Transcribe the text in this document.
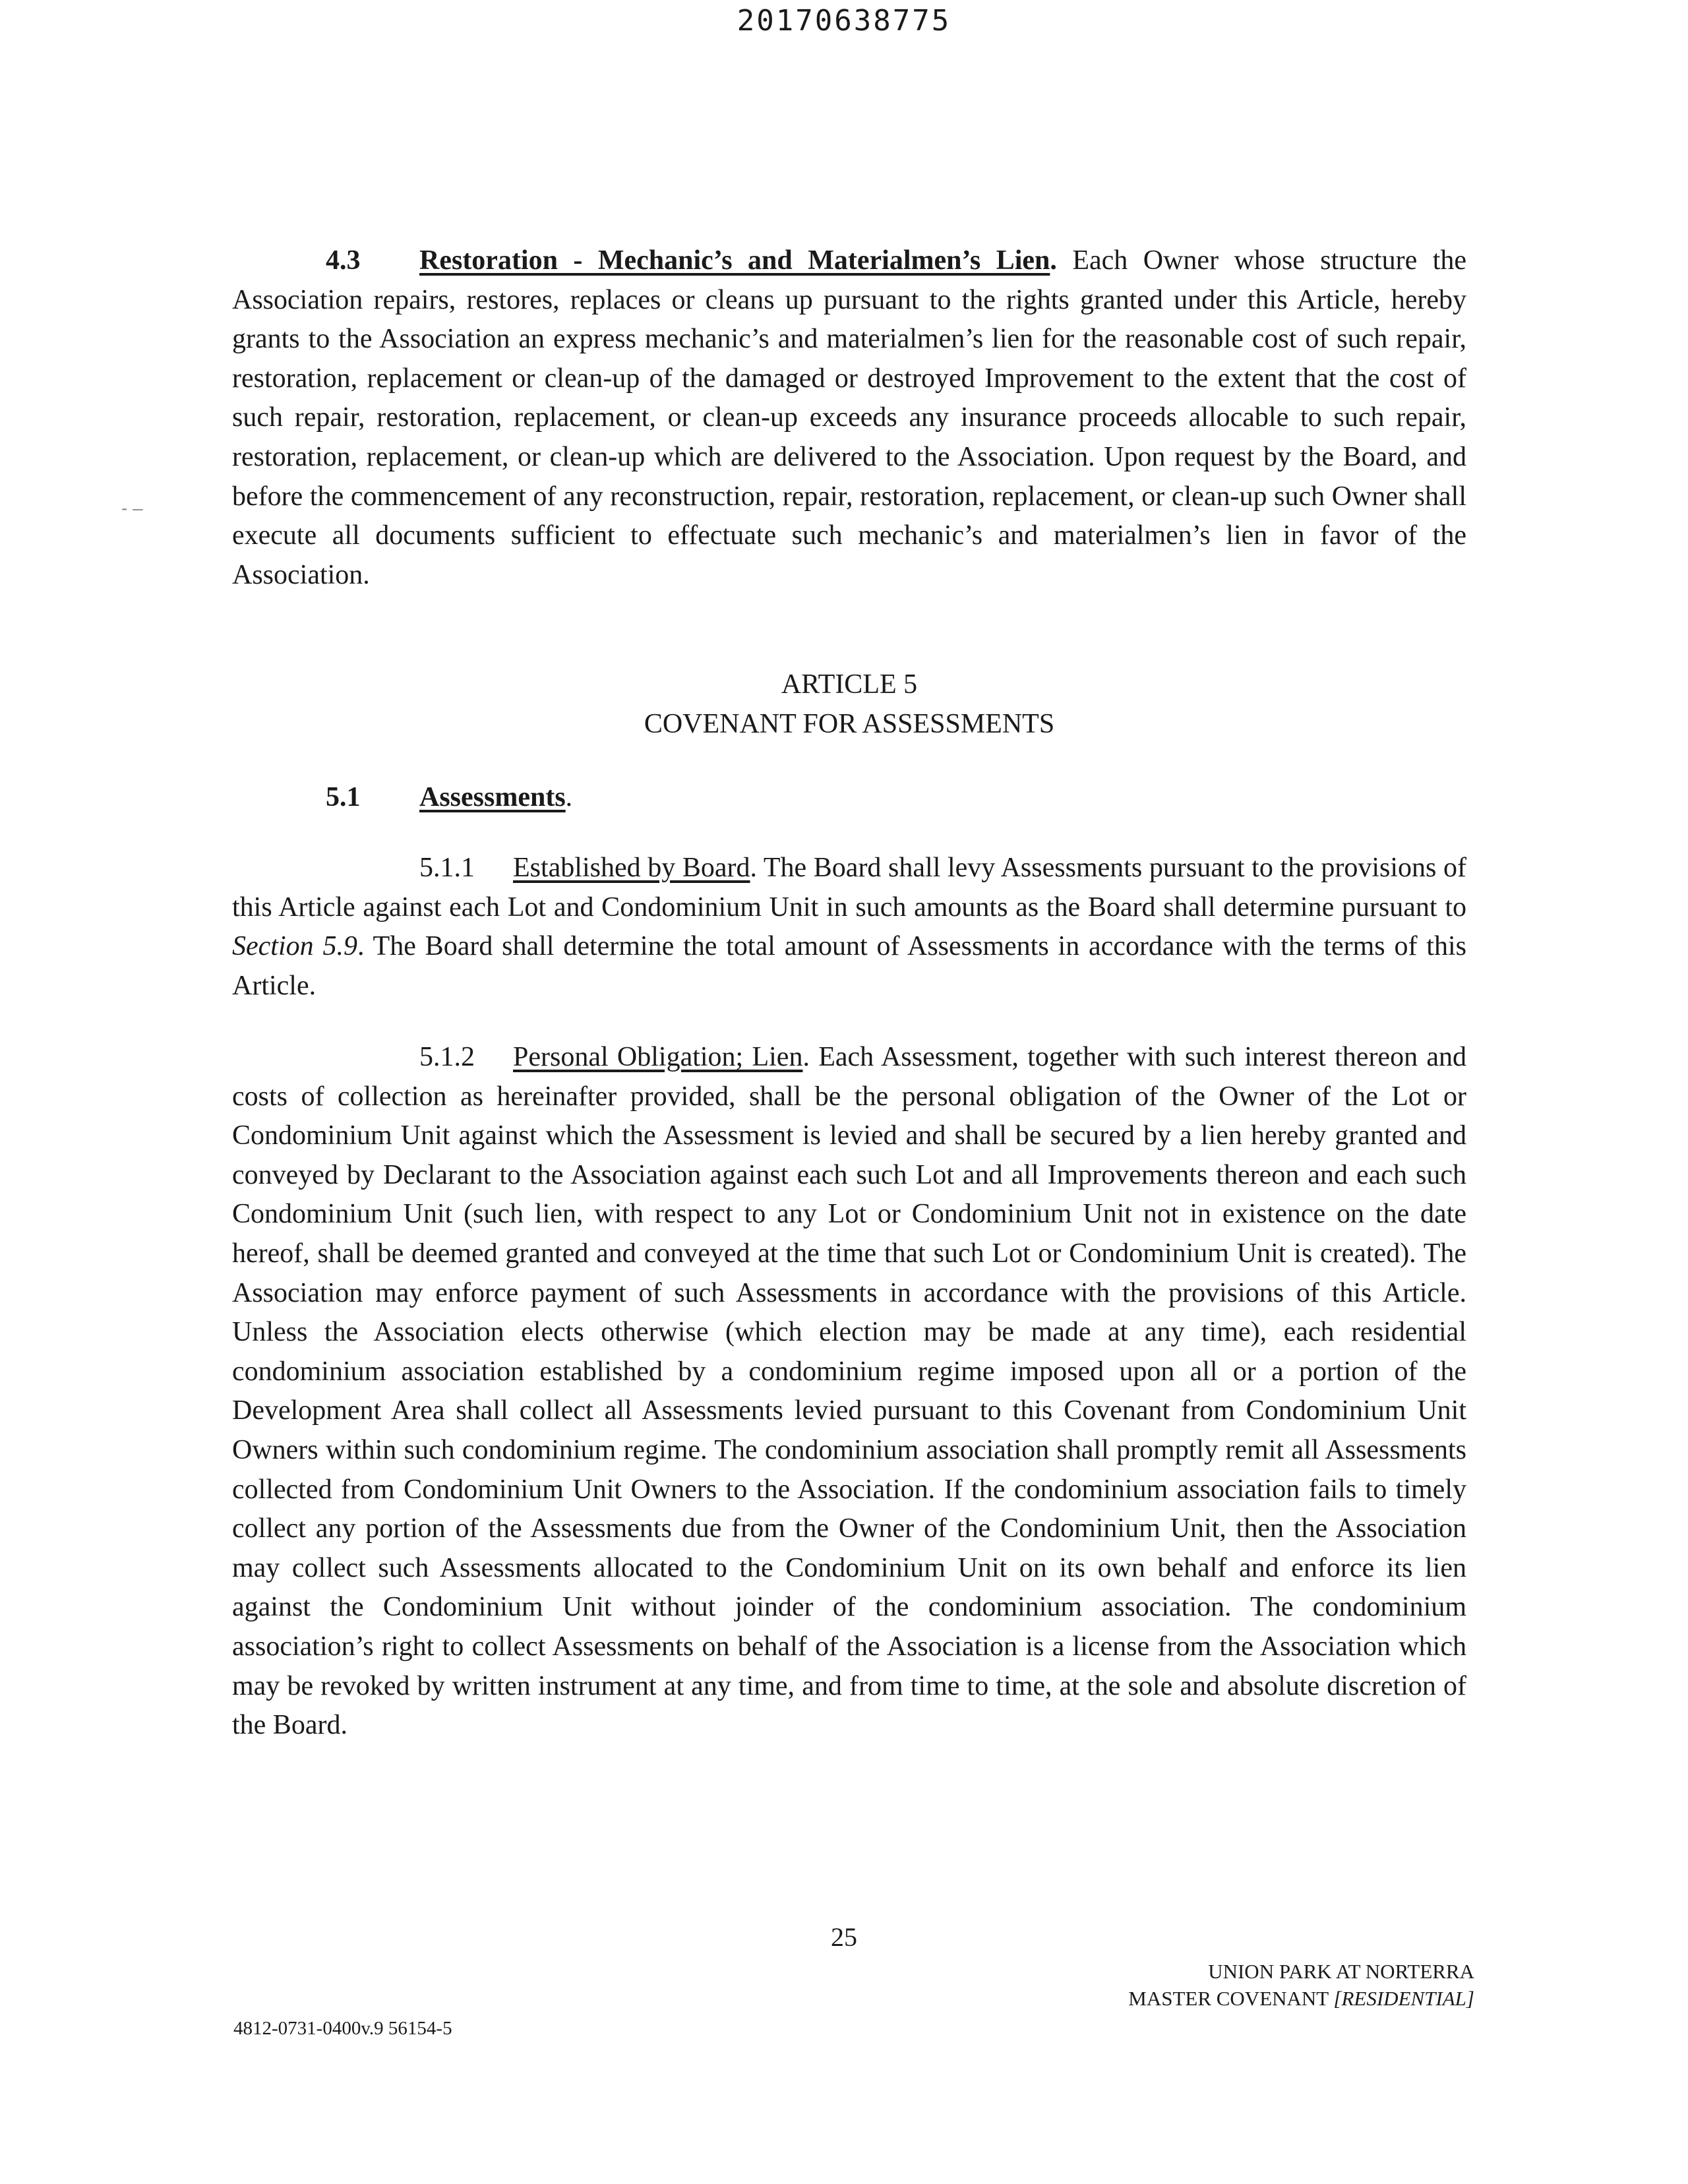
20170638775
- –

4.3 Restoration - Mechanic’s and Materialmen’s Lien. Each Owner whose structure the Association repairs, restores, replaces or cleans up pursuant to the rights granted under this Article, hereby grants to the Association an express mechanic’s and materialmen’s lien for the reasonable cost of such repair, restoration, replacement or clean-up of the damaged or destroyed Improvement to the extent that the cost of such repair, restoration, replacement, or clean-up exceeds any insurance proceeds allocable to such repair, restoration, replacement, or clean-up which are delivered to the Association. Upon request by the Board, and before the commencement of any reconstruction, repair, restoration, replacement, or clean-up such Owner shall execute all documents sufficient to effectuate such mechanic’s and materialmen’s lien in favor of the Association.

ARTICLE 5
COVENANT FOR ASSESSMENTS

5.1 Assessments.

5.1.1 Established by Board. The Board shall levy Assessments pursuant to the provisions of this Article against each Lot and Condominium Unit in such amounts as the Board shall determine pursuant to Section 5.9. The Board shall determine the total amount of Assessments in accordance with the terms of this Article.

5.1.2 Personal Obligation; Lien. Each Assessment, together with such interest thereon and costs of collection as hereinafter provided, shall be the personal obligation of the Owner of the Lot or Condominium Unit against which the Assessment is levied and shall be secured by a lien hereby granted and conveyed by Declarant to the Association against each such Lot and all Improvements thereon and each such Condominium Unit (such lien, with respect to any Lot or Condominium Unit not in existence on the date hereof, shall be deemed granted and conveyed at the time that such Lot or Condominium Unit is created). The Association may enforce payment of such Assessments in accordance with the provisions of this Article. Unless the Association elects otherwise (which election may be made at any time), each residential condominium association established by a condominium regime imposed upon all or a portion of the Development Area shall collect all Assessments levied pursuant to this Covenant from Condominium Unit Owners within such condominium regime. The condominium association shall promptly remit all Assessments collected from Condominium Unit Owners to the Association. If the condominium association fails to timely collect any portion of the Assessments due from the Owner of the Condominium Unit, then the Association may collect such Assessments allocated to the Condominium Unit on its own behalf and enforce its lien against the Condominium Unit without joinder of the condominium association. The condominium association’s right to collect Assessments on behalf of the Association is a license from the Association which may be revoked by written instrument at any time, and from time to time, at the sole and absolute discretion of the Board.

25
UNION PARK AT NORTERRA
MASTER COVENANT [RESIDENTIAL]
4812-0731-0400v.9 56154-5
